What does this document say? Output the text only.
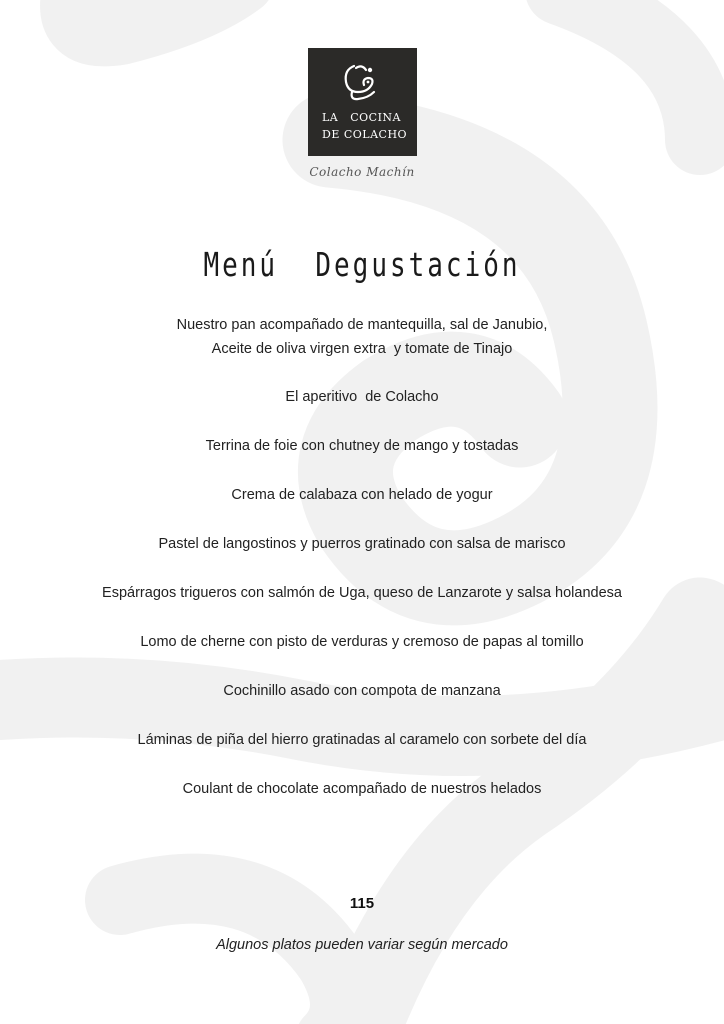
LA   COCINA
DE COLACHO
Colacho Machín
Menú  Degustación
Nuestro pan acompañado de mantequilla, sal de Janubio,
Aceite de oliva virgen extra  y tomate de Tinajo
El aperitivo  de Colacho
Terrina de foie con chutney de mango y tostadas
Crema de calabaza con helado de yogur
Pastel de langostinos y puerros gratinado con salsa de marisco
Espárragos trigueros con salmón de Uga, queso de Lanzarote y salsa holandesa
Lomo de cherne con pisto de verduras y cremoso de papas al tomillo
Cochinillo asado con compota de manzana
Láminas de piña del hierro gratinadas al caramelo con sorbete del día
Coulant de chocolate acompañado de nuestros helados
115
Algunos platos pueden variar según mercado
